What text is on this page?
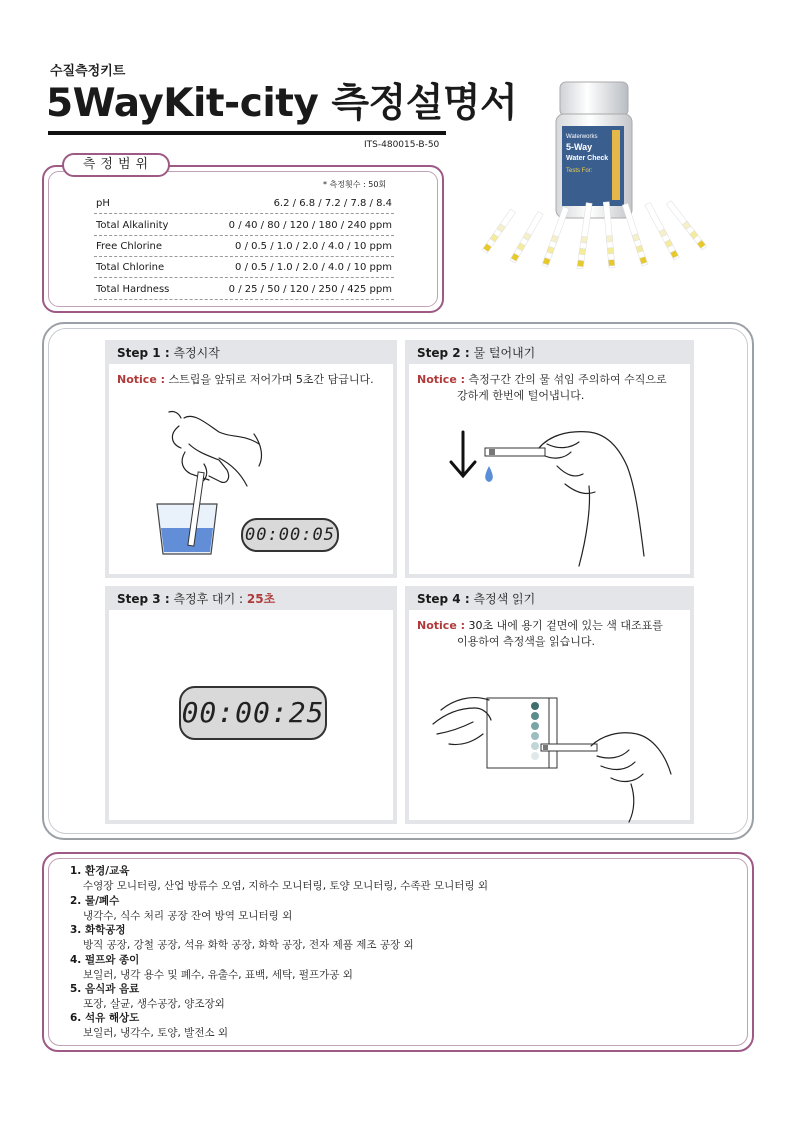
수질측정키트
5WayKit-city 측정설명서
ITS-480015-B-50
Waterworks
5-Way
Water Check
Tests For:
측정범위
* 측정횟수 : 50회
pH	6.2 / 6.8 / 7.2 / 7.8 / 8.4
Total Alkalinity	0 / 40 / 80 / 120 / 180 / 240 ppm
Free Chlorine	0 / 0.5 / 1.0 / 2.0 / 4.0 / 10 ppm
Total Chlorine	0 / 0.5 / 1.0 / 2.0 / 4.0 / 10 ppm
Total Hardness	0 / 25 / 50 / 120 / 250 / 425 ppm
Step 1 : 측정시작
Notice : 스트립을 앞뒤로 저어가며 5초간 담급니다.
00:00:05
Step 2 : 물 털어내기
Notice : 측정구간 간의 물 섞임 주의하여 수직으로
강하게 한번에 털어냅니다.
Step 3 : 측정후 대기 : 25초
00:00:25
Step 4 : 측정색 읽기
Notice : 30초 내에 용기 겉면에 있는 색 대조표를
이용하여 측정색을 읽습니다.
1. 환경/교육
수영장 모니터링, 산업 방류수 오염, 지하수 모니터링, 토양 모니터링, 수족관 모니터링 외
2. 물/폐수
냉각수, 식수 처리 공장 잔여 방역 모니터링 외
3. 화학공정
방직 공장, 강철 공장, 석유 화학 공장, 화학 공장, 전자 제품 제조 공장 외
4. 펄프와 종이
보일러, 냉각 용수 및 폐수, 유출수, 표백, 세탁, 펄프가공 외
5. 음식과 음료
포장, 살균, 생수공장, 양조장외
6. 석유 해상도
보일러, 냉각수, 토양, 발전소 외
